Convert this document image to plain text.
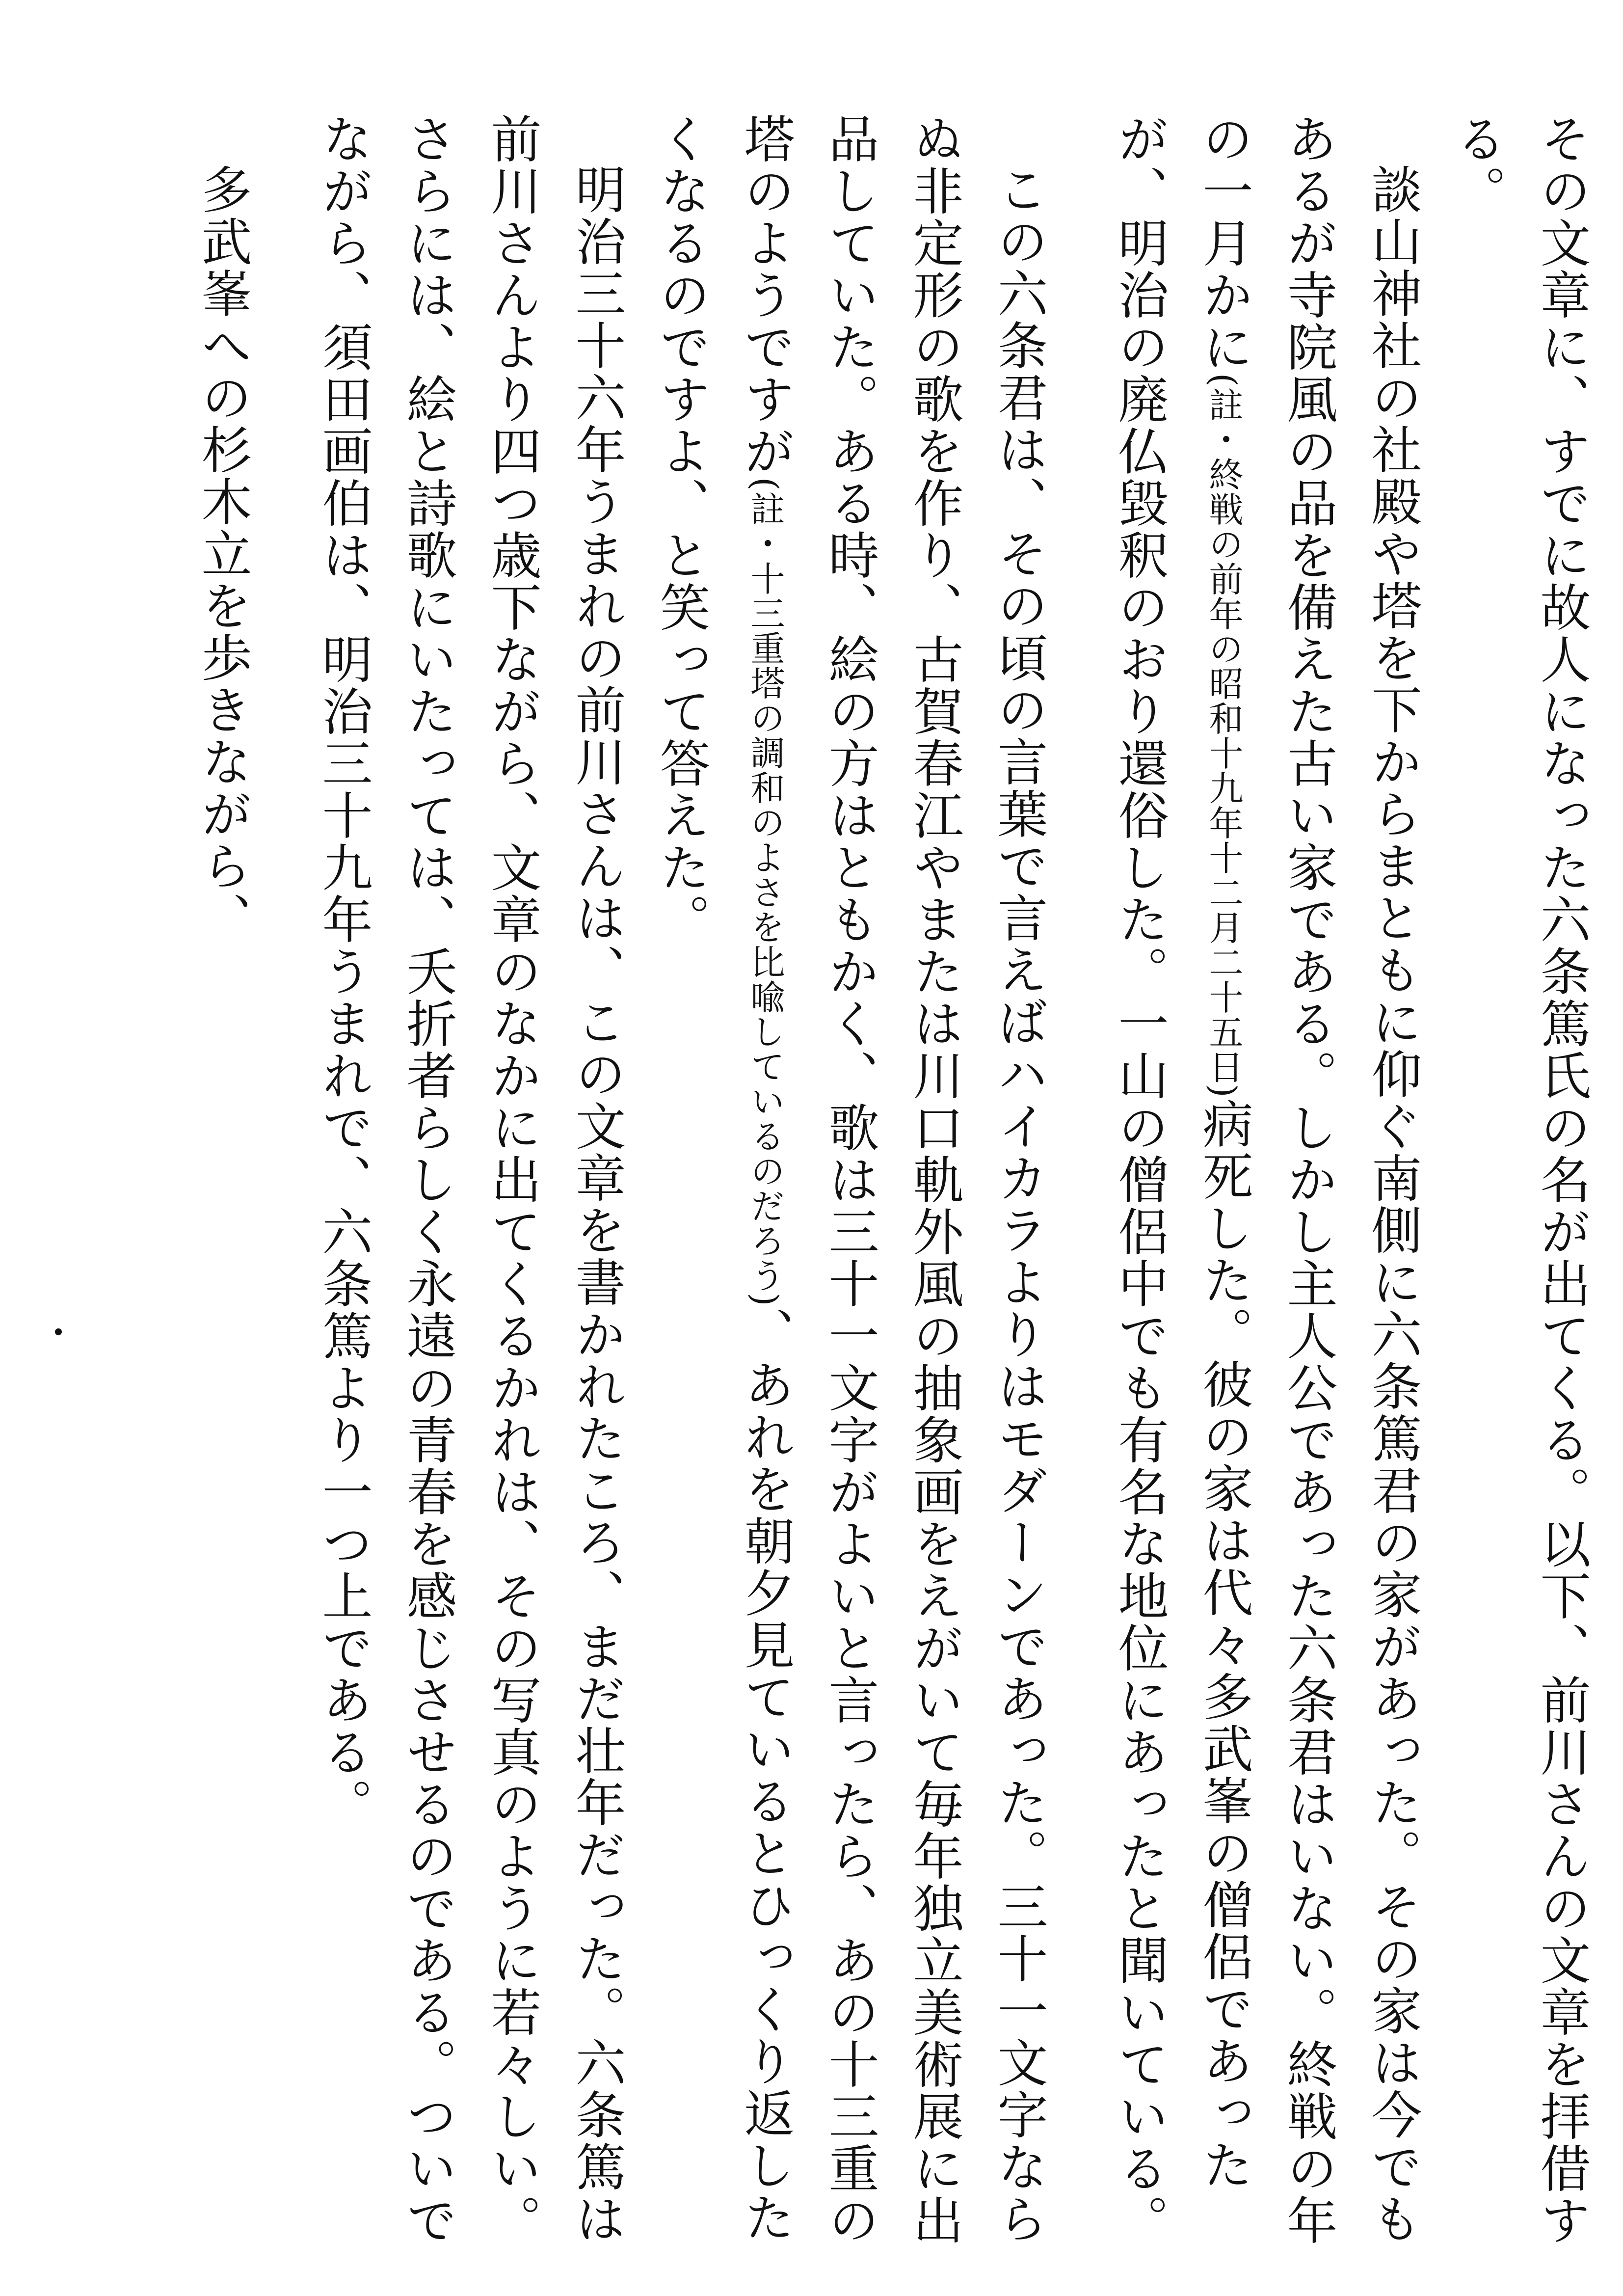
その文章に、すでに故人になった六条篤氏の名が出てくる。以下、前川さんの文章を拝借する。

談山神社の社殿や塔を下からまともに仰ぐ南側に六条篤君の家があった。その家は今でもあるが寺院風の品を備えた古い家である。しかし主人公であった六条君はいない。終戦の年の一月かに(註・終戦の前年の昭和十九年十二月二十五日)病死した。彼の家は代々多武峯の僧侶であったが、明治の廃仏毀釈のおり還俗した。一山の僧侶中でも有名な地位にあったと聞いている。

この六条君は、その頃の言葉で言えばハイカラよりはモダーンであった。三十一文字ならぬ非定形の歌を作り、古賀春江やまたは川口軌外風の抽象画をえがいて毎年独立美術展に出品していた。ある時、絵の方はともかく、歌は三十一文字がよいと言ったら、あの十三重の塔のようですが(註・十三重塔の調和のよさを比喩しているのだろう)、あれを朝夕見ているとひっくり返したくなるのですよ、と笑って答えた。

明治三十六年うまれの前川さんは、この文章を書かれたころ、まだ壮年だった。六条篤は前川さんより四つ歳下ながら、文章のなかに出てくるかれは、その写真のように若々しい。さらには、絵と詩歌にいたっては、夭折者らしく永遠の青春を感じさせるのである。ついでながら、須田画伯は、明治三十九年うまれで、六条篤より一つ上である。

多武峯への杉木立を歩きながら、
